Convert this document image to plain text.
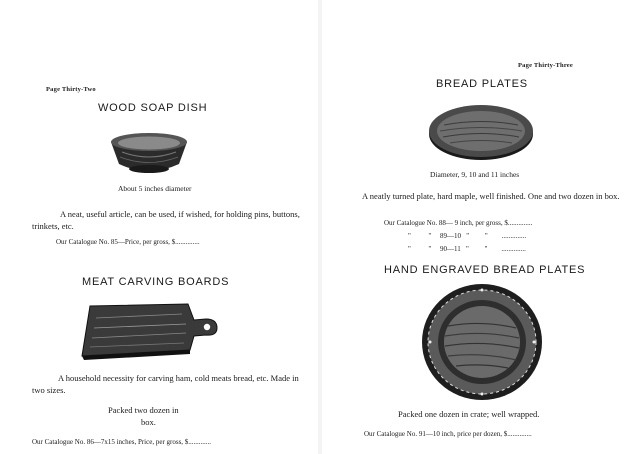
Page Thirty-Two
WOOD SOAP DISH
About 5 inches diameter
A neat, useful article, can be used, if wished, for holding pins, buttons, trinkets, etc.
Our Catalogue No. 85—Price, per gross, $..............
MEAT CARVING BOARDS
A household necessity for carving ham, cold meats bread, etc. Made in two sizes.
Packed two dozen in
box.
Our Catalogue No. 86—7x15 inches, Price, per gross, $.............
Page Thirty-Three
BREAD PLATES
Diameter, 9, 10 and 11 inches
A neatly turned plate, hard maple, well finished. One and two dozen in box.
Our Catalogue No. 88— 9 inch, per gross, $..............
"          "     89—10   "         "        ..............
"          "     90—11   "         "        ..............
HAND ENGRAVED BREAD PLATES
Packed one dozen in crate; well wrapped.
Our Catalogue No. 91—10 inch, price per dozen, $..............
